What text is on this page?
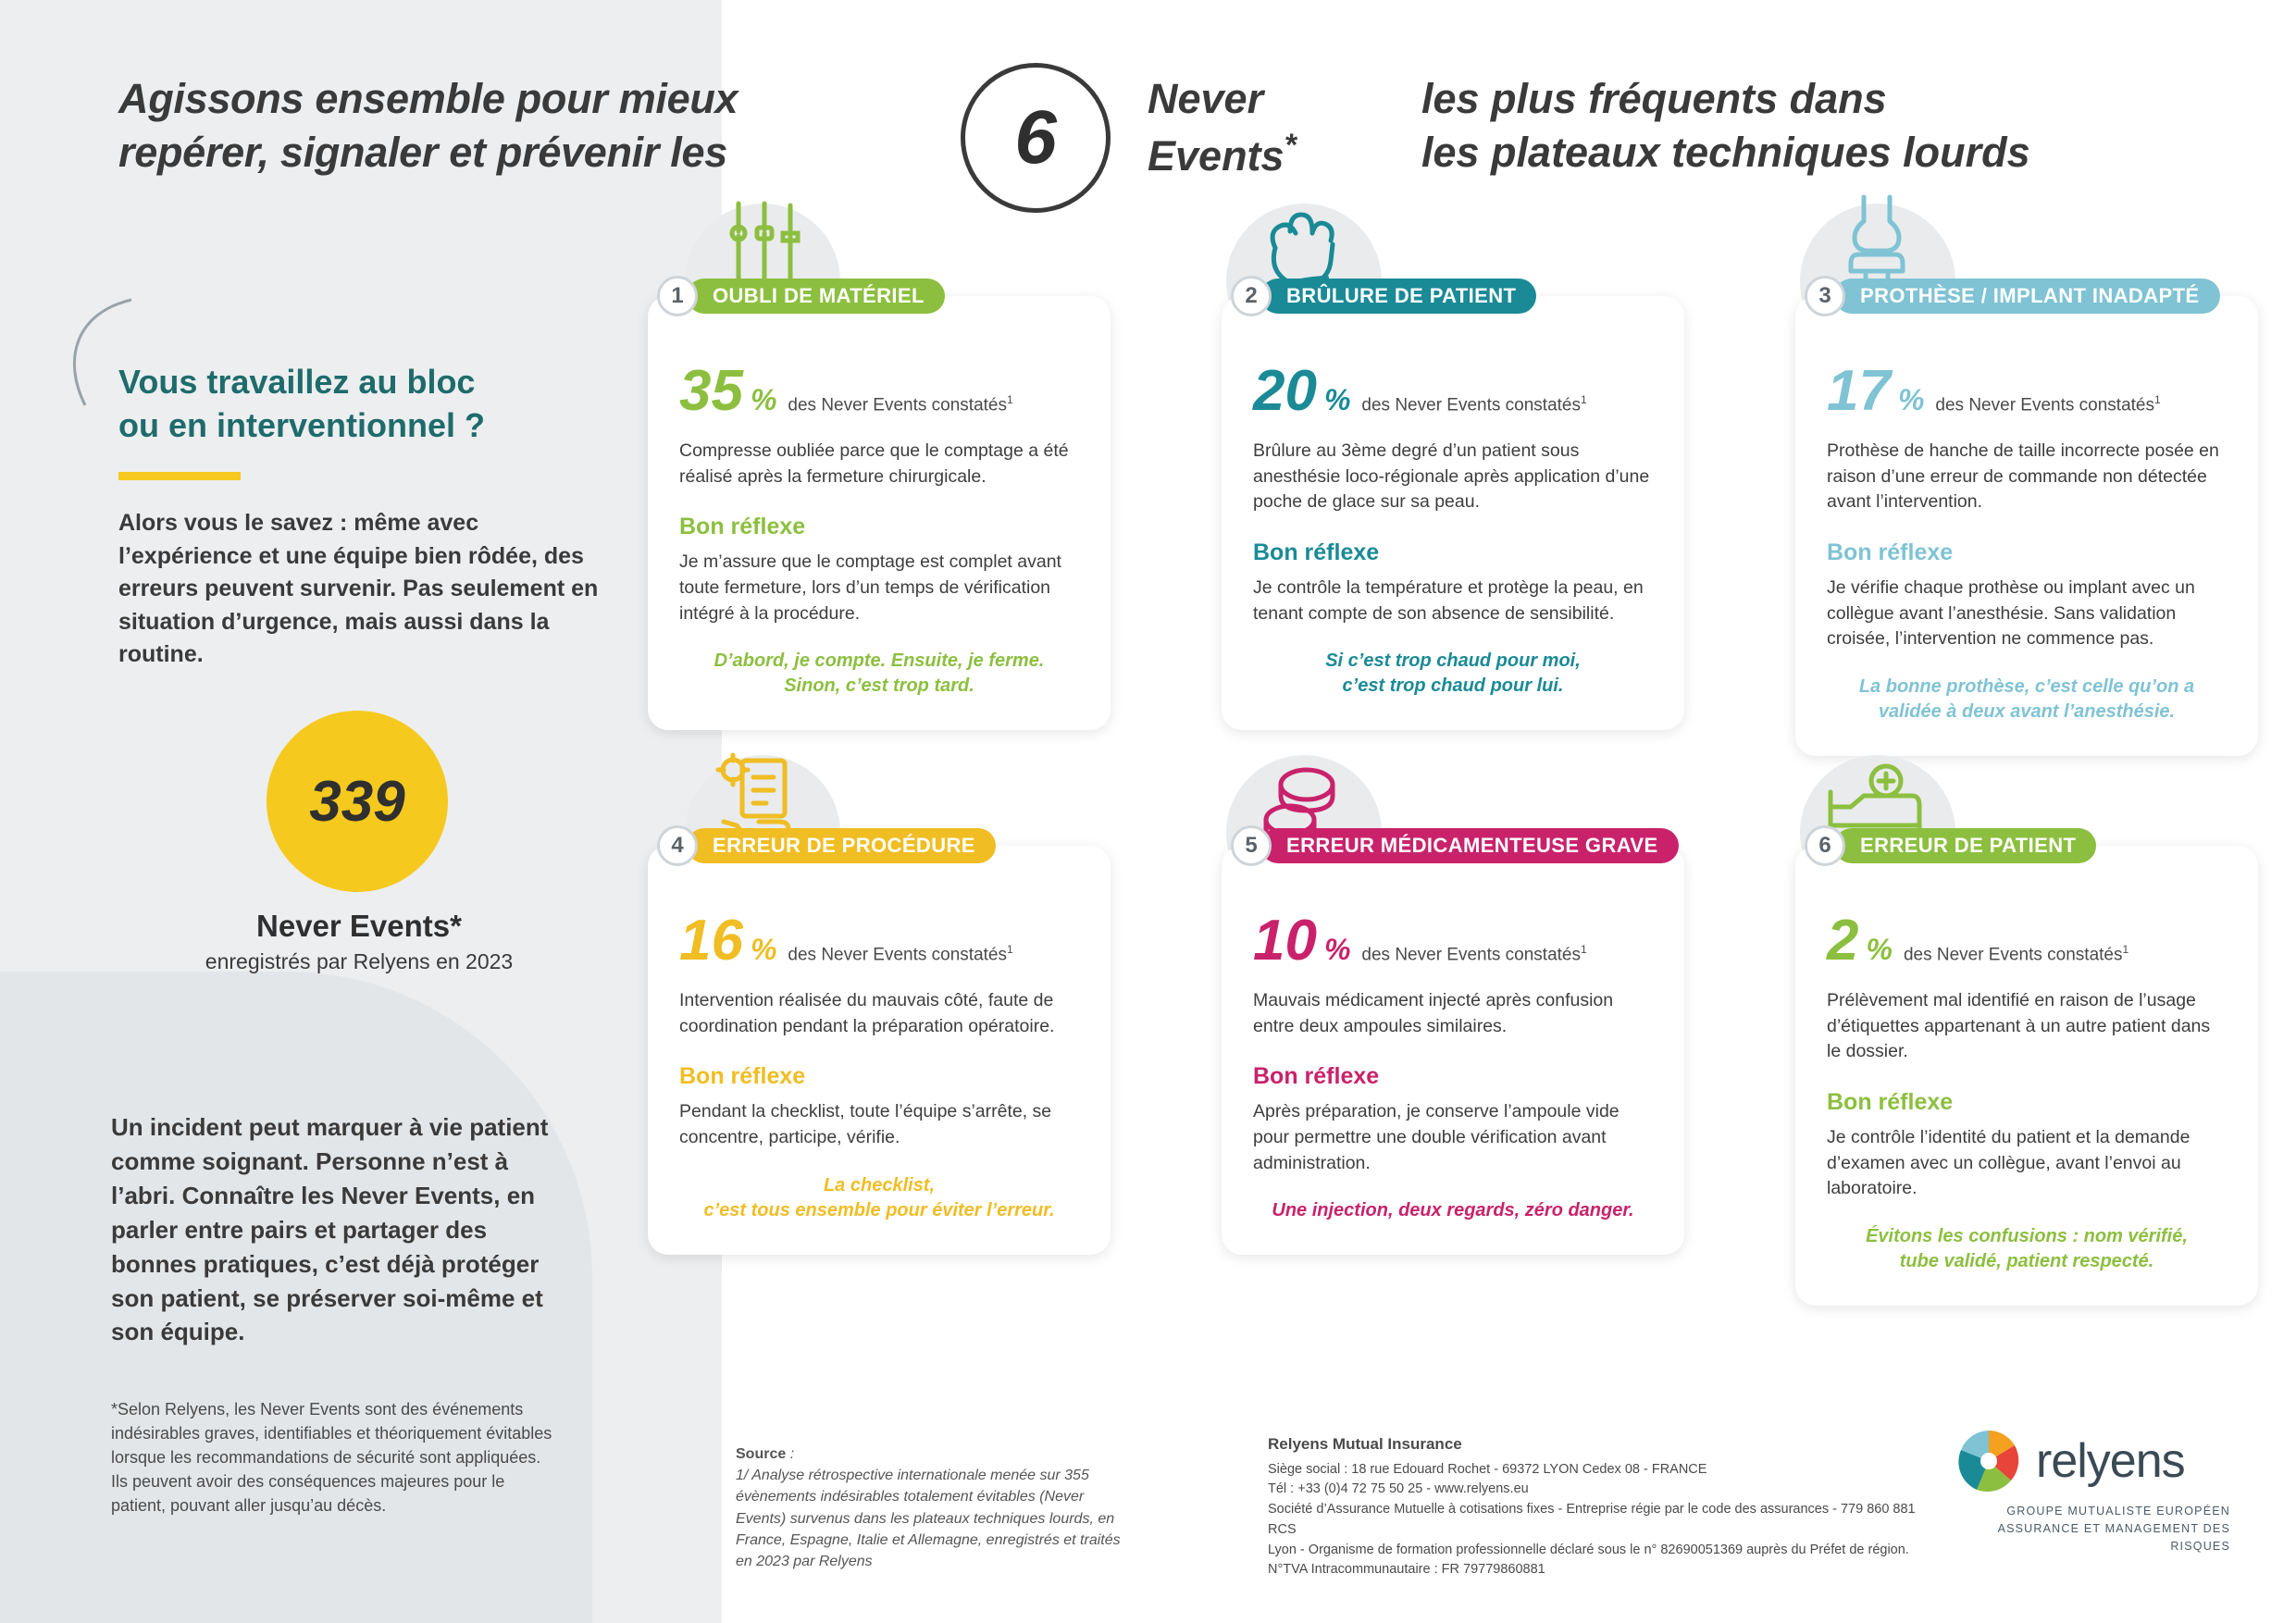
Agissons ensemble pour mieux
repérer, signaler et prévenir les	6	Never
Events*
les plus fréquents dans
les plateaux techniques lourds
Vous travaillez au bloc
ou en interventionnel ?
Alors vous le savez : même avec l’expérience et une équipe bien rôdée, des erreurs peuvent survenir. Pas seulement en situation d’urgence, mais aussi dans la routine.
339
Never Events*
enregistrés par Relyens en 2023
Un incident peut marquer à vie patient comme soignant. Personne n’est à l’abri. Connaître les Never Events, en parler entre pairs et partager des bonnes pratiques, c’est déjà protéger son patient, se préserver soi-même et son équipe.
*Selon Relyens, les Never Events sont des événements indésirables graves, identifiables et théoriquement évitables lorsque les recommandations de sécurité sont appliquées. Ils peuvent avoir des conséquences majeures pour le patient, pouvant aller jusqu’au décès.
1	OUBLI DE MATÉRIEL
35 % des Never Events constatés$^1$
Compresse oubliée parce que le comptage a été réalisé après la fermeture chirurgicale.
Bon réflexe
Je m’assure que le comptage est complet avant toute fermeture, lors d’un temps de vérification intégré à la procédure.
D’abord, je compte. Ensuite, je ferme.
Sinon, c’est trop tard.
2	BRÛLURE DE PATIENT
20 % des Never Events constatés$^1$
Brûlure au 3ème degré d’un patient sous anesthésie loco-régionale après application d’une poche de glace sur sa peau.
Bon réflexe
Je contrôle la température et protège la peau, en tenant compte de son absence de sensibilité.
Si c’est trop chaud pour moi,
c’est trop chaud pour lui.
3	PROTHÈSE / IMPLANT INADAPTÉ
17 % des Never Events constatés$^1$
Prothèse de hanche de taille incorrecte posée en raison d’une erreur de commande non détectée avant l’intervention.
Bon réflexe
Je vérifie chaque prothèse ou implant avec un collègue avant l’anesthésie. Sans validation croisée, l’intervention ne commence pas.
La bonne prothèse, c’est celle qu’on a
validée à deux avant l’anesthésie.
4	ERREUR DE PROCÉDURE
16 % des Never Events constatés$^1$
Intervention réalisée du mauvais côté, faute de coordination pendant la préparation opératoire.
Bon réflexe
Pendant la checklist, toute l’équipe s’arrête, se concentre, participe, vérifie.
La checklist,
c’est tous ensemble pour éviter l’erreur.
5	ERREUR MÉDICAMENTEUSE GRAVE
10 % des Never Events constatés$^1$
Mauvais médicament injecté après confusion entre deux ampoules similaires.
Bon réflexe
Après préparation, je conserve l’ampoule vide pour permettre une double vérification avant administration.
Une injection, deux regards, zéro danger.
6	ERREUR DE PATIENT
2 % des Never Events constatés$^1$
Prélèvement mal identifié en raison de l’usage d’étiquettes appartenant à un autre patient dans le dossier.
Bon réflexe
Je contrôle l’identité du patient et la demande d’examen avec un collègue, avant l’envoi au laboratoire.
Évitons les confusions : nom vérifié,
tube validé, patient respecté.
Source :
1/ Analyse rétrospective internationale menée sur 355 évènements indésirables totalement évitables (Never Events) survenus dans les plateaux techniques lourds, en France, Espagne, Italie et Allemagne, enregistrés et traités en 2023 par Relyens
Relyens Mutual Insurance
Siège social : 18 rue Edouard Rochet - 69372 LYON Cedex 08 - FRANCE
Tél : +33 (0)4 72 75 50 25 - www.relyens.eu
Société d’Assurance Mutuelle à cotisations fixes - Entreprise régie par le code des assurances - 779 860 881 RCS
Lyon - Organisme de formation professionnelle déclaré sous le n° 82690051369 auprès du Préfet de région.
N°TVA Intracommunautaire : FR 79779860881
relyens
GROUPE MUTUALISTE EUROPÉEN
ASSURANCE ET MANAGEMENT DES RISQUES
